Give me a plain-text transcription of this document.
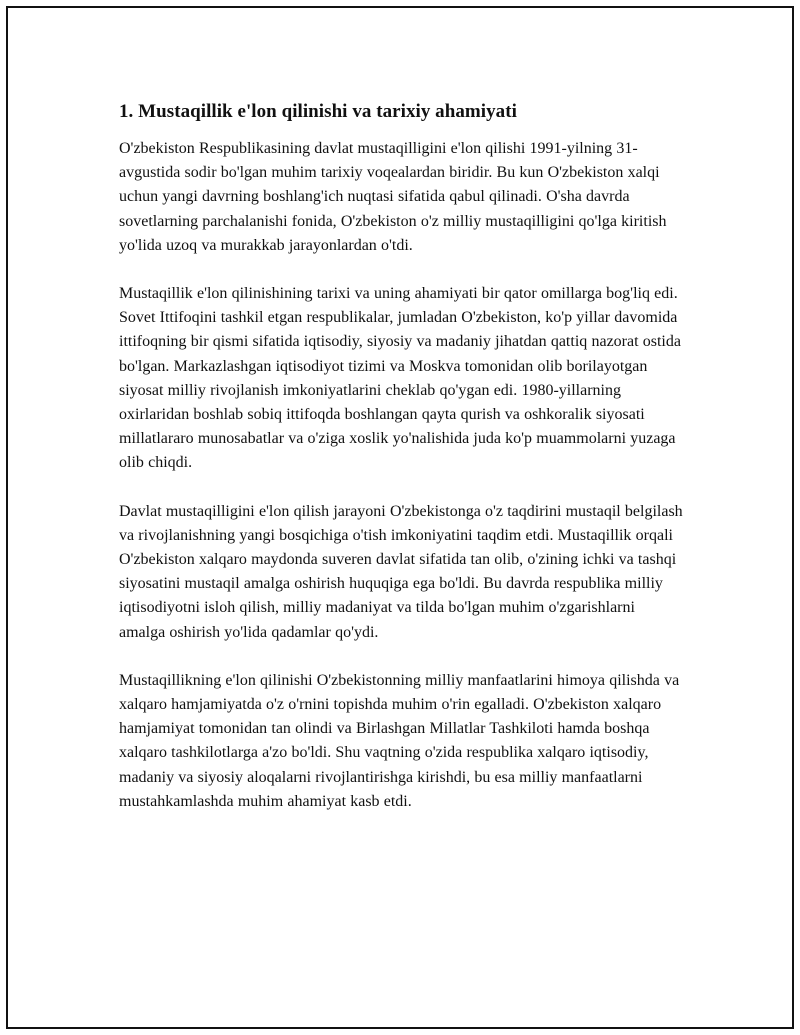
1. Mustaqillik e'lon qilinishi va tarixiy ahamiyati

O'zbekiston Respublikasining davlat mustaqilligini e'lon qilishi 1991-yilning 31-avgustida sodir bo'lgan muhim tarixiy voqealardan biridir. Bu kun O'zbekiston xalqi uchun yangi davrning boshlang'ich nuqtasi sifatida qabul qilinadi. O'sha davrda sovetlarning parchalanishi fonida, O'zbekiston o'z milliy mustaqilligini qo'lga kiritish yo'lida uzoq va murakkab jarayonlardan o'tdi.

Mustaqillik e'lon qilinishining tarixi va uning ahamiyati bir qator omillarga bog'liq edi. Sovet Ittifoqini tashkil etgan respublikalar, jumladan O'zbekiston, ko'p yillar davomida ittifoqning bir qismi sifatida iqtisodiy, siyosiy va madaniy jihatdan qattiq nazorat ostida bo'lgan. Markazlashgan iqtisodiyot tizimi va Moskva tomonidan olib borilayotgan siyosat milliy rivojlanish imkoniyatlarini cheklab qo'ygan edi. 1980-yillarning oxirlaridan boshlab sobiq ittifoqda boshlangan qayta qurish va oshkoralik siyosati millatlararo munosabatlar va o'ziga xoslik yo'nalishida juda ko'p muammolarni yuzaga olib chiqdi.

Davlat mustaqilligini e'lon qilish jarayoni O'zbekistonga o'z taqdirini mustaqil belgilash va rivojlanishning yangi bosqichiga o'tish imkoniyatini taqdim etdi. Mustaqillik orqali O'zbekiston xalqaro maydonda suveren davlat sifatida tan olib, o'zining ichki va tashqi siyosatini mustaqil amalga oshirish huquqiga ega bo'ldi. Bu davrda respublika milliy iqtisodiyotni isloh qilish, milliy madaniyat va tilda bo'lgan muhim o'zgarishlarni amalga oshirish yo'lida qadamlar qo'ydi.

Mustaqillikning e'lon qilinishi O'zbekistonning milliy manfaatlarini himoya qilishda va xalqaro hamjamiyatda o'z o'rnini topishda muhim o'rin egalladi. O'zbekiston xalqaro hamjamiyat tomonidan tan olindi va Birlashgan Millatlar Tashkiloti hamda boshqa xalqaro tashkilotlarga a'zo bo'ldi. Shu vaqtning o'zida respublika xalqaro iqtisodiy, madaniy va siyosiy aloqalarni rivojlantirishga kirishdi, bu esa milliy manfaatlarni mustahkamlashda muhim ahamiyat kasb etdi.
